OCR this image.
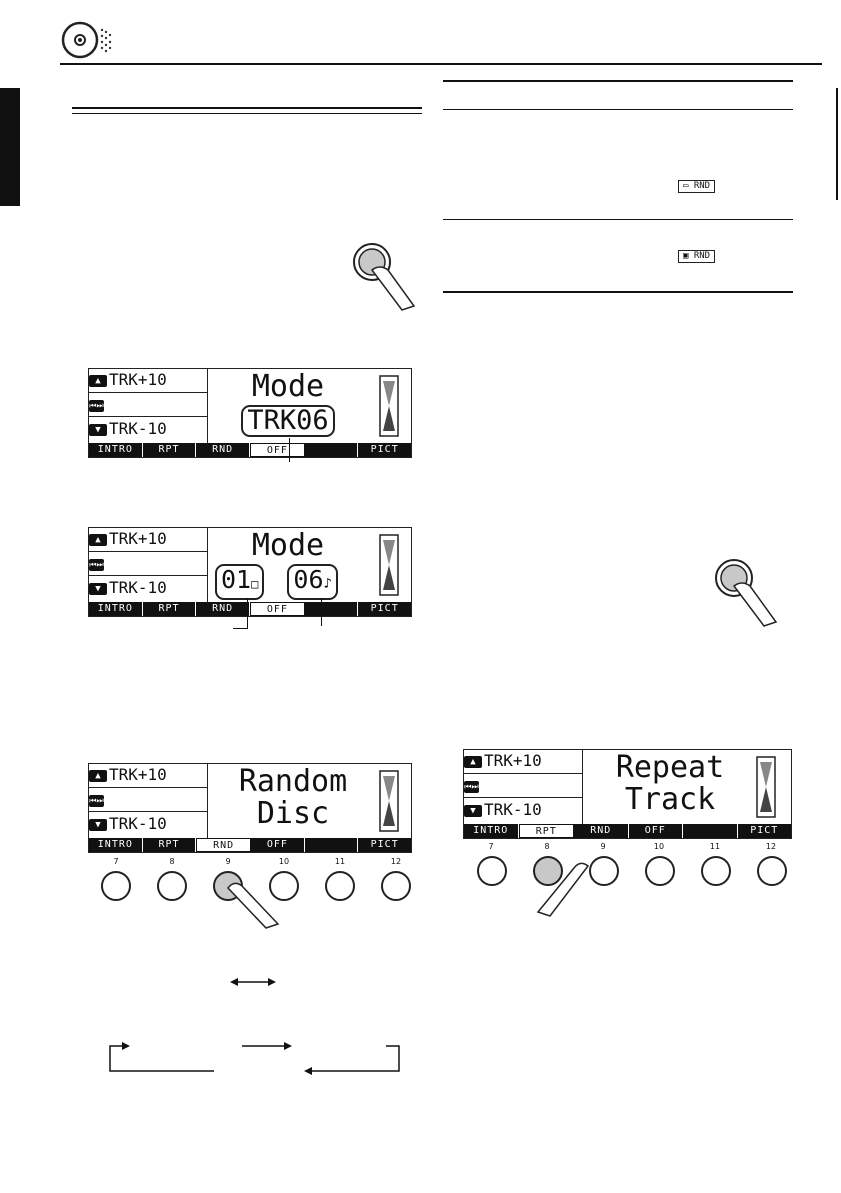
▭ RND
▣ RND
▲ TRK+10
⏮⏭
▼ TRK-10
Mode
TRK06
INTRO	RPT	RND	OFF	PICT
▲ TRK+10
⏮⏭
▼ TRK-10
Mode
01□ 06♪
INTRO	RPT	RND	OFF	PICT
▲ TRK+10
⏮⏭
▼ TRK-10
Random
Disc
INTRO	RPT	RND	OFF	PICT
7	8	9	10	11	12
▲ TRK+10
⏮⏭
▼ TRK-10
Repeat
Track
INTRO	RPT	RND	OFF	PICT
7	8	9	10	11	12
